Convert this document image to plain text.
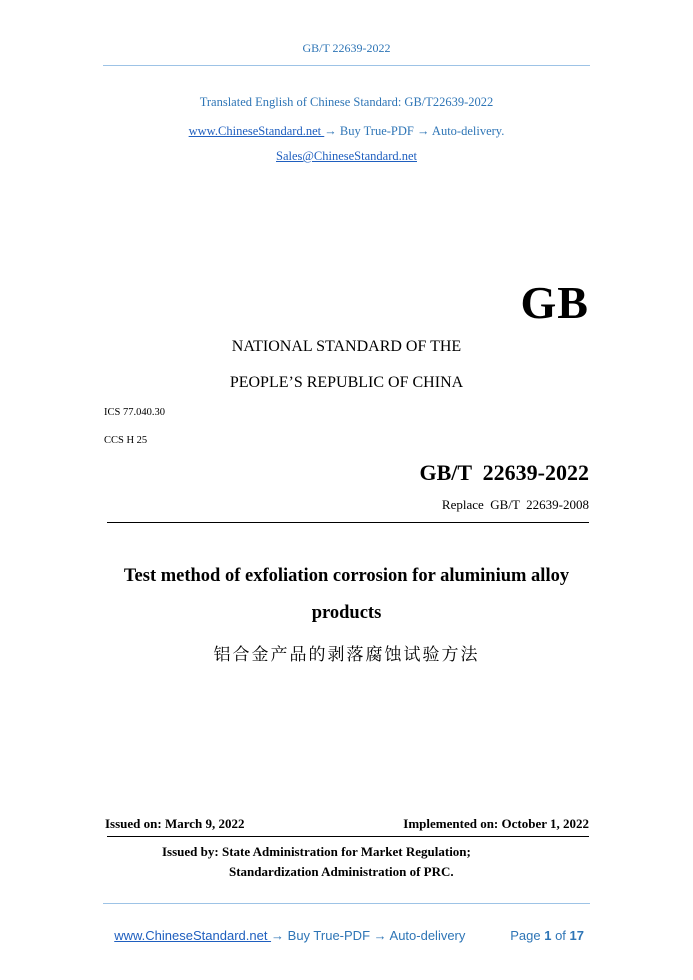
GB/T 22639-2022
Translated English of Chinese Standard: GB/T22639-2022
www.ChineseStandard.net → Buy True-PDF → Auto-delivery.
Sales@ChineseStandard.net
GB
NATIONAL STANDARD OF THE
PEOPLE’S REPUBLIC OF CHINA
ICS 77.040.30
CCS H 25
GB/T  22639-2022
Replace  GB/T  22639-2008
Test method of exfoliation corrosion for aluminium alloy
products
铝合金产品的剥落腐蚀试验方法
Issued on: March 9, 2022	Implemented on: October 1, 2022
Issued by: State Administration for Market Regulation;
Standardization Administration of PRC.

www.ChineseStandard.net → Buy True-PDF → Auto-delivery	Page 1 of 17
